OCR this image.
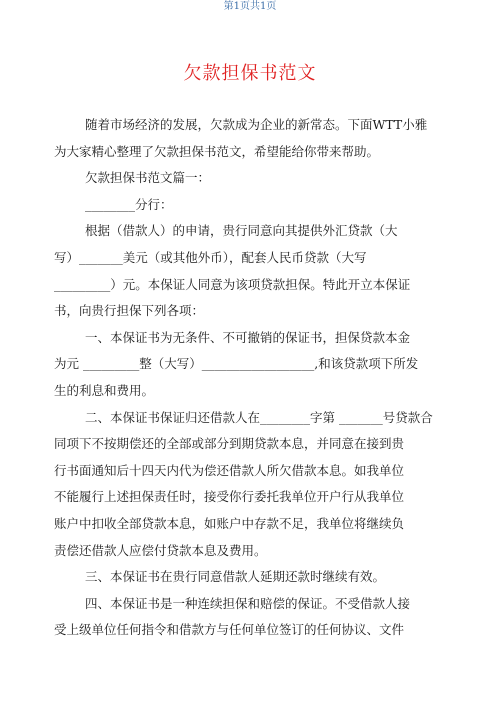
第1页共1页
欠款担保书范文
随着市场经济的发展，欠款成为企业的新常态。下面WTT小雅
为大家精心整理了欠款担保书范文，希望能给你带来帮助。
欠款担保书范文篇一：
________分行：
根据（借款人）的申请，贵行同意向其提供外汇贷款（大
写）_______美元（或其他外币），配套人民币贷款（大写
_________）元。本保证人同意为该项贷款担保。特此开立本保证
书，向贵行担保下列各项：
一、本保证书为无条件、不可撤销的保证书，担保贷款本金
为元 _________整（大写）__________________,和该贷款项下所发
生的利息和费用。
二、本保证书保证归还借款人在________字第 _______号贷款合
同项下不按期偿还的全部或部分到期贷款本息，并同意在接到贵
行书面通知后十四天内代为偿还借款人所欠借款本息。如我单位
不能履行上述担保责任时，接受你行委托我单位开户行从我单位
账户中扣收全部贷款本息，如账户中存款不足，我单位将继续负
责偿还借款人应偿付贷款本息及费用。
三、本保证书在贵行同意借款人延期还款时继续有效。
四、本保证书是一种连续担保和赔偿的保证。不受借款人接
受上级单位任何指令和借款方与任何单位签订的任何协议、文件
